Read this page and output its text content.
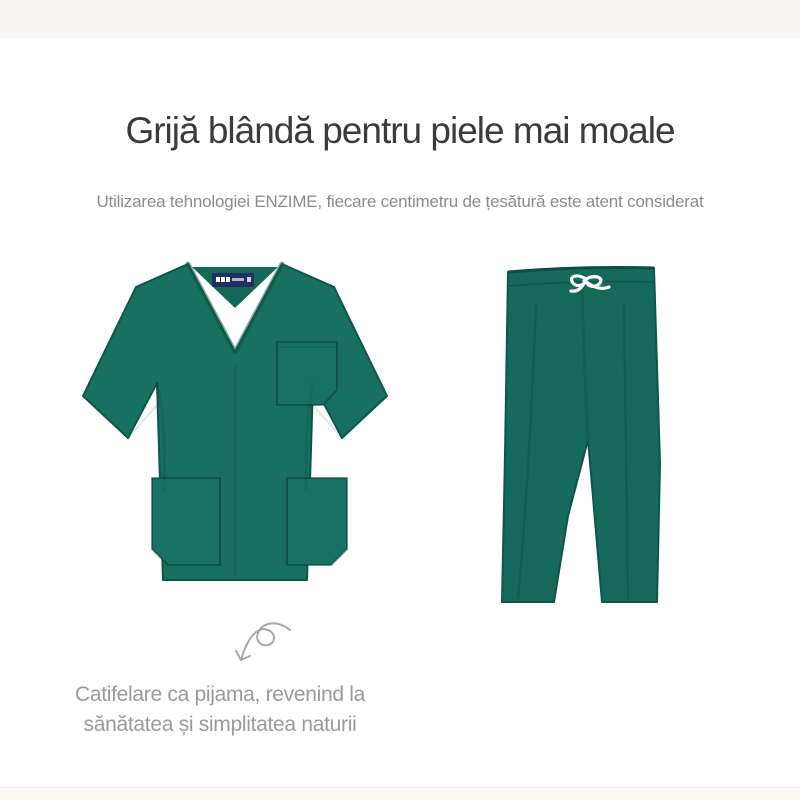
Grijă blândă pentru piele mai moale
Utilizarea tehnologiei ENZIME, fiecare centimetru de țesătură este atent considerat
Catifelare ca pijama, revenind la
sănătatea și simplitatea naturii
